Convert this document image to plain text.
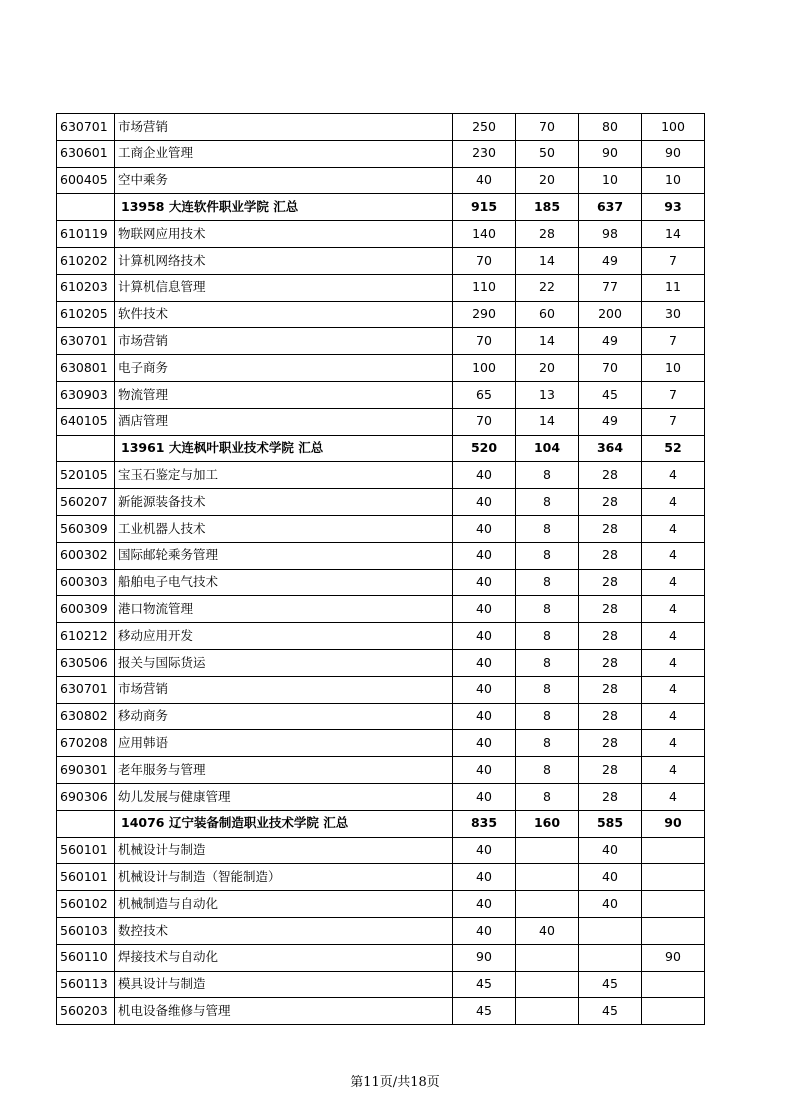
630701	市场营销	250	70	80	100
630601	工商企业管理	230	50	90	90
600405	空中乘务	40	20	10	10
	13958 大连软件职业学院 汇总	915	185	637	93
610119	物联网应用技术	140	28	98	14
610202	计算机网络技术	70	14	49	7
610203	计算机信息管理	110	22	77	11
610205	软件技术	290	60	200	30
630701	市场营销	70	14	49	7
630801	电子商务	100	20	70	10
630903	物流管理	65	13	45	7
640105	酒店管理	70	14	49	7
	13961 大连枫叶职业技术学院 汇总	520	104	364	52
520105	宝玉石鉴定与加工	40	8	28	4
560207	新能源装备技术	40	8	28	4
560309	工业机器人技术	40	8	28	4
600302	国际邮轮乘务管理	40	8	28	4
600303	船舶电子电气技术	40	8	28	4
600309	港口物流管理	40	8	28	4
610212	移动应用开发	40	8	28	4
630506	报关与国际货运	40	8	28	4
630701	市场营销	40	8	28	4
630802	移动商务	40	8	28	4
670208	应用韩语	40	8	28	4
690301	老年服务与管理	40	8	28	4
690306	幼儿发展与健康管理	40	8	28	4
	14076 辽宁装备制造职业技术学院 汇总	835	160	585	90
560101	机械设计与制造	40		40	
560101	机械设计与制造（智能制造）	40		40	
560102	机械制造与自动化	40		40	
560103	数控技术	40	40		
560110	焊接技术与自动化	90			90
560113	模具设计与制造	45		45	
560203	机电设备维修与管理	45		45	
第11页/共18页
